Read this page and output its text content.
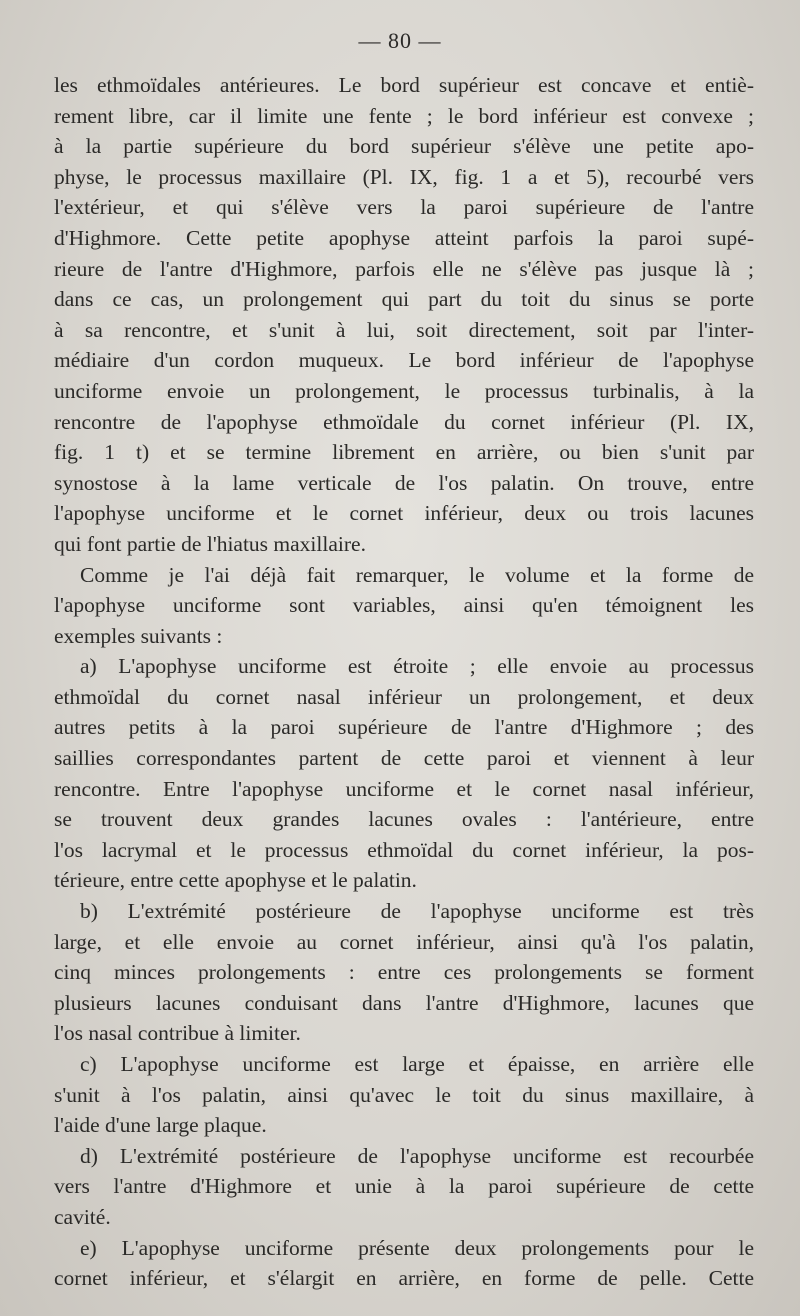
— 80 —

les ethmoïdales antérieures. Le bord supérieur est concave et entiè-
rement libre, car il limite une fente ; le bord inférieur est convexe ;
à la partie supérieure du bord supérieur s'élève une petite apo-
physe, le processus maxillaire (Pl. IX, fig. 1 a et 5), recourbé vers
l'extérieur, et qui s'élève vers la paroi supérieure de l'antre
d'Highmore. Cette petite apophyse atteint parfois la paroi supé-
rieure de l'antre d'Highmore, parfois elle ne s'élève pas jusque là ;
dans ce cas, un prolongement qui part du toit du sinus se porte
à sa rencontre, et s'unit à lui, soit directement, soit par l'inter-
médiaire d'un cordon muqueux. Le bord inférieur de l'apophyse
unciforme envoie un prolongement, le processus turbinalis, à la
rencontre de l'apophyse ethmoïdale du cornet inférieur (Pl. IX,
fig. 1 t) et se termine librement en arrière, ou bien s'unit par
synostose à la lame verticale de l'os palatin. On trouve, entre
l'apophyse unciforme et le cornet inférieur, deux ou trois lacunes
qui font partie de l'hiatus maxillaire.

Comme je l'ai déjà fait remarquer, le volume et la forme de
l'apophyse unciforme sont variables, ainsi qu'en témoignent les
exemples suivants :

a) L'apophyse unciforme est étroite ; elle envoie au processus
ethmoïdal du cornet nasal inférieur un prolongement, et deux
autres petits à la paroi supérieure de l'antre d'Highmore ; des
saillies correspondantes partent de cette paroi et viennent à leur
rencontre. Entre l'apophyse unciforme et le cornet nasal inférieur,
se trouvent deux grandes lacunes ovales : l'antérieure, entre
l'os lacrymal et le processus ethmoïdal du cornet inférieur, la pos-
térieure, entre cette apophyse et le palatin.

b) L'extrémité postérieure de l'apophyse unciforme est très
large, et elle envoie au cornet inférieur, ainsi qu'à l'os palatin,
cinq minces prolongements : entre ces prolongements se forment
plusieurs lacunes conduisant dans l'antre d'Highmore, lacunes que
l'os nasal contribue à limiter.

c) L'apophyse unciforme est large et épaisse, en arrière elle
s'unit à l'os palatin, ainsi qu'avec le toit du sinus maxillaire, à
l'aide d'une large plaque.

d) L'extrémité postérieure de l'apophyse unciforme est recourbée
vers l'antre d'Highmore et unie à la paroi supérieure de cette
cavité.

e) L'apophyse unciforme présente deux prolongements pour le
cornet inférieur, et s'élargit en arrière, en forme de pelle. Cette
